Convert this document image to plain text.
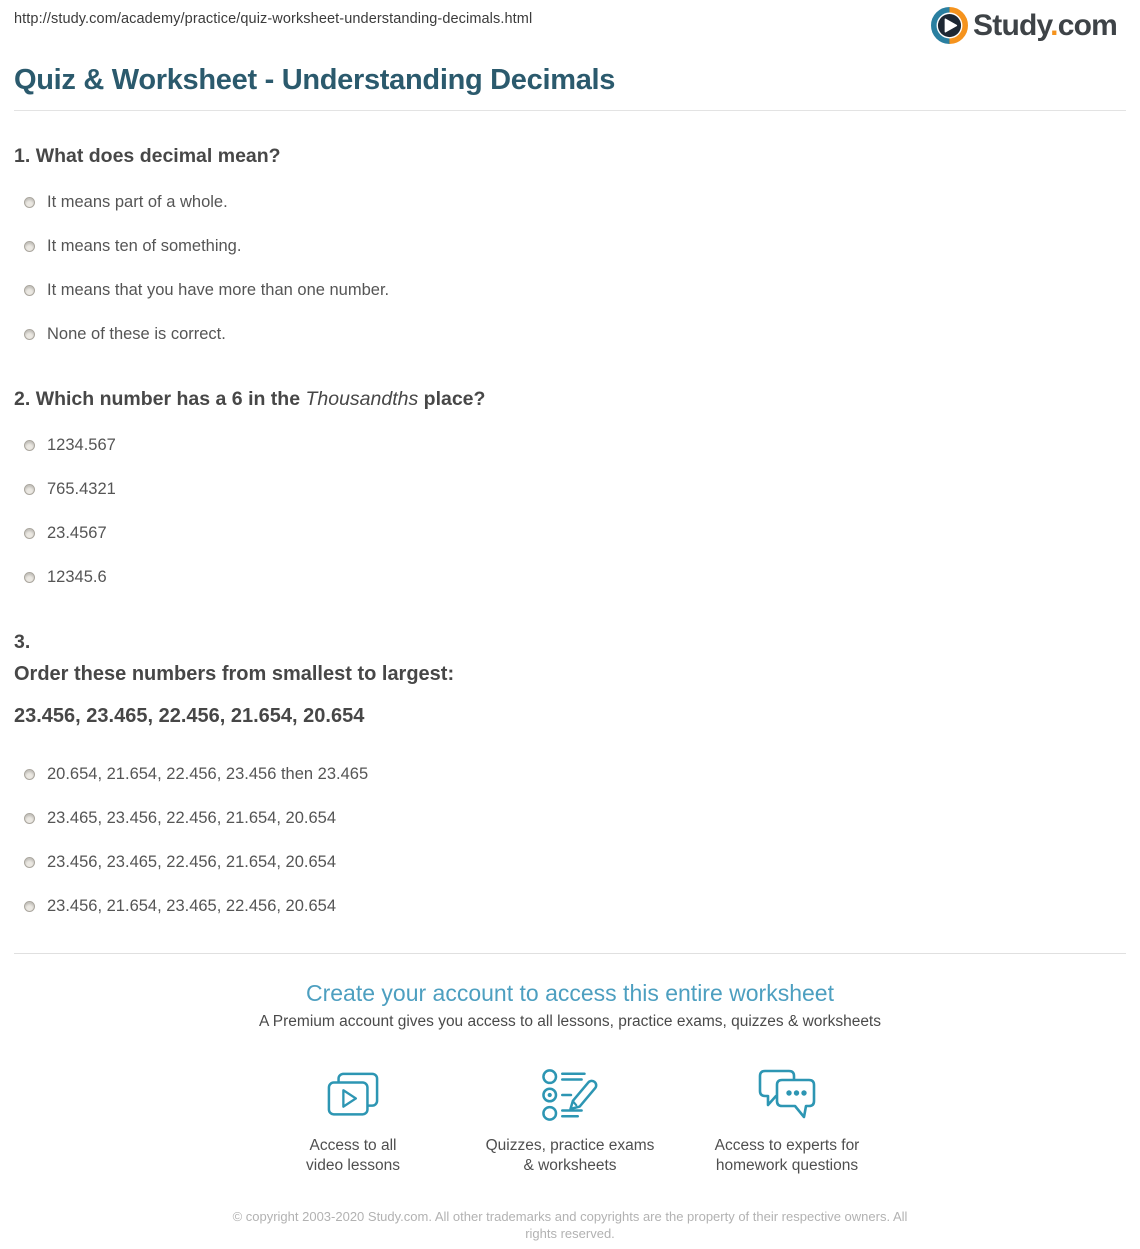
http://study.com/academy/practice/quiz-worksheet-understanding-decimals.html	Study.com
Quiz & Worksheet - Understanding Decimals
1. What does decimal mean?
It means part of a whole.
It means ten of something.
It means that you have more than one number.
None of these is correct.
2. Which number has a 6 in the Thousandths place?
1234.567
765.4321
23.4567
12345.6
3.
Order these numbers from smallest to largest:
23.456, 23.465, 22.456, 21.654, 20.654
20.654, 21.654, 22.456, 23.456 then 23.465
23.465, 23.456, 22.456, 21.654, 20.654
23.456, 23.465, 22.456, 21.654, 20.654
23.456, 21.654, 23.465, 22.456, 20.654
Create your account to access this entire worksheet
A Premium account gives you access to all lessons, practice exams, quizzes & worksheets
Access to all
video lessons
Quizzes, practice exams
& worksheets
Access to experts for
homework questions
© copyright 2003-2020 Study.com. All other trademarks and copyrights are the property of their respective owners. All rights reserved.
